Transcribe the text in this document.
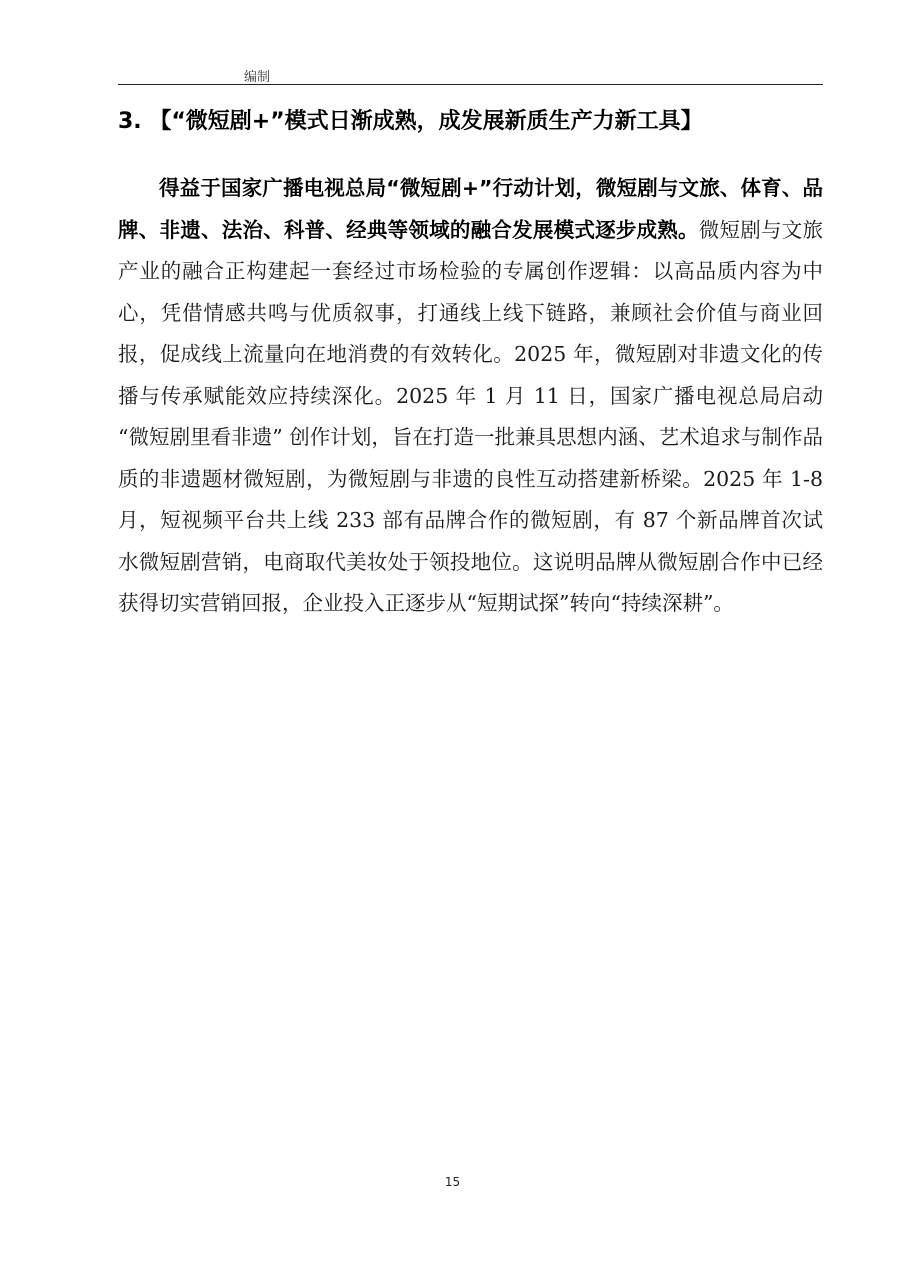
编制
3. 【“微短剧+”模式日渐成熟，成发展新质生产力新工具】

得益于国家广播电视总局“微短剧+”行动计划，微短剧与文旅、体育、品牌、非遗、法治、科普、经典等领域的融合发展模式逐步成熟。微短剧与文旅产业的融合正构建起一套经过市场检验的专属创作逻辑：以高品质内容为中心，凭借情感共鸣与优质叙事，打通线上线下链路，兼顾社会价值与商业回报，促成线上流量向在地消费的有效转化。2025 年，微短剧对非遗文化的传播与传承赋能效应持续深化。2025 年 1 月 11 日，国家广播电视总局启动 “微短剧里看非遗” 创作计划，旨在打造一批兼具思想内涵、艺术追求与制作品质的非遗题材微短剧，为微短剧与非遗的良性互动搭建新桥梁。2025 年 1-8 月，短视频平台共上线 233 部有品牌合作的微短剧，有 87 个新品牌首次试水微短剧营销，电商取代美妆处于领投地位。这说明品牌从微短剧合作中已经获得切实营销回报，企业投入正逐步从“短期试探”转向“持续深耕”。

15
